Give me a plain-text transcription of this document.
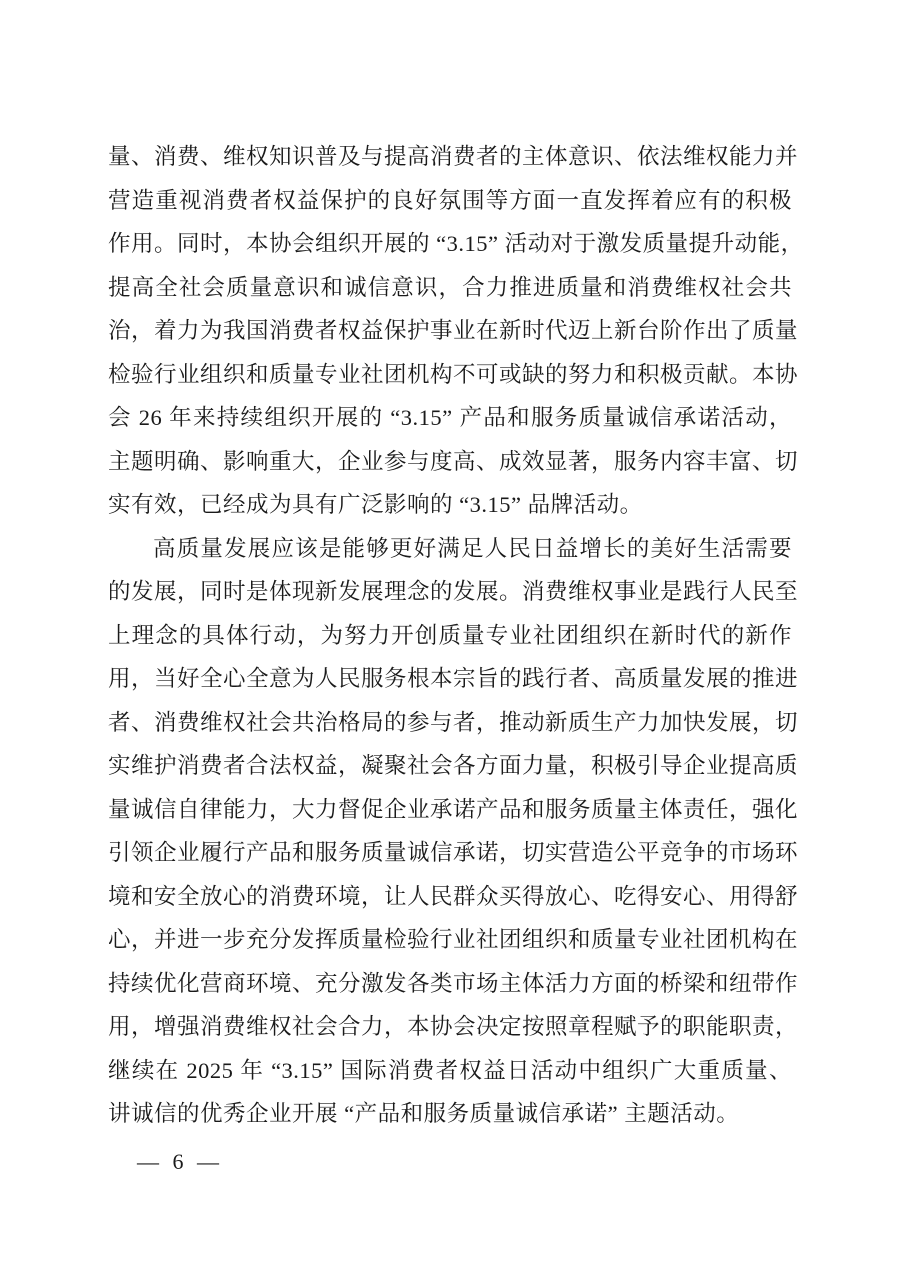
量、消费、维权知识普及与提高消费者的主体意识、依法维权能力并
营造重视消费者权益保护的良好氛围等方面一直发挥着应有的积极
作用。同时，本协会组织开展的 “3.15” 活动对于激发质量提升动能，
提高全社会质量意识和诚信意识，合力推进质量和消费维权社会共
治，着力为我国消费者权益保护事业在新时代迈上新台阶作出了质量
检验行业组织和质量专业社团机构不可或缺的努力和积极贡献。本协
会 26 年来持续组织开展的 “3.15” 产品和服务质量诚信承诺活动，
主题明确、影响重大，企业参与度高、成效显著，服务内容丰富、切
实有效，已经成为具有广泛影响的 “3.15” 品牌活动。
高质量发展应该是能够更好满足人民日益增长的美好生活需要
的发展，同时是体现新发展理念的发展。消费维权事业是践行人民至
上理念的具体行动，为努力开创质量专业社团组织在新时代的新作
用，当好全心全意为人民服务根本宗旨的践行者、高质量发展的推进
者、消费维权社会共治格局的参与者，推动新质生产力加快发展，切
实维护消费者合法权益，凝聚社会各方面力量，积极引导企业提高质
量诚信自律能力，大力督促企业承诺产品和服务质量主体责任，强化
引领企业履行产品和服务质量诚信承诺，切实营造公平竞争的市场环
境和安全放心的消费环境，让人民群众买得放心、吃得安心、用得舒
心，并进一步充分发挥质量检验行业社团组织和质量专业社团机构在
持续优化营商环境、充分激发各类市场主体活力方面的桥梁和纽带作
用，增强消费维权社会合力，本协会决定按照章程赋予的职能职责，
继续在 2025 年 “3.15” 国际消费者权益日活动中组织广大重质量、
讲诚信的优秀企业开展 “产品和服务质量诚信承诺” 主题活动。
— 6 —
